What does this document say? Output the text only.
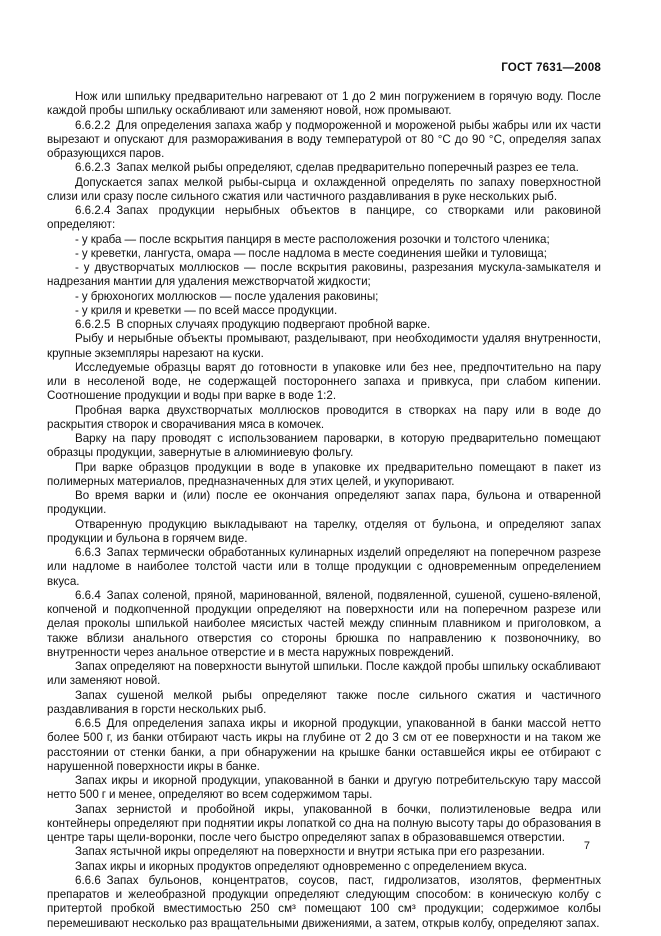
ГОСТ 7631—2008

Нож или шпильку предварительно нагревают от 1 до 2 мин погружением в горячую воду. После каждой пробы шпильку оскабливают или заменяют новой, нож промывают.

6.6.2.2 Для определения запаха жабр у подмороженной и мороженой рыбы жабры или их части вырезают и опускают для размораживания в воду температурой от 80 °С до 90 °С, определяя запах образующихся паров.

6.6.2.3 Запах мелкой рыбы определяют, сделав предварительно поперечный разрез ее тела.

Допускается запах мелкой рыбы-сырца и охлажденной определять по запаху поверхностной слизи или сразу после сильного сжатия или частичного раздавливания в руке нескольких рыб.

6.6.2.4 Запах продукции нерыбных объектов в панцире, со створками или раковиной определяют:

- у краба — после вскрытия панциря в месте расположения розочки и толстого членика;

- у креветки, лангуста, омара — после надлома в месте соединения шейки и туловища;

- у двустворчатых моллюсков — после вскрытия раковины, разрезания мускула-замыкателя и надрезания мантии для удаления межстворчатой жидкости;

- у брюхоногих моллюсков — после удаления раковины;

- у криля и креветки — по всей массе продукции.

6.6.2.5 В спорных случаях продукцию подвергают пробной варке.

Рыбу и нерыбные объекты промывают, разделывают, при необходимости удаляя внутренности, крупные экземпляры нарезают на куски.

Исследуемые образцы варят до готовности в упаковке или без нее, предпочтительно на пару или в несоленой воде, не содержащей постороннего запаха и привкуса, при слабом кипении. Соотношение продукции и воды при варке в воде 1:2.

Пробная варка двухстворчатых моллюсков проводится в створках на пару или в воде до раскрытия створок и сворачивания мяса в комочек.

Варку на пару проводят с использованием пароварки, в которую предварительно помещают образцы продукции, завернутые в алюминиевую фольгу.

При варке образцов продукции в воде в упаковке их предварительно помещают в пакет из полимерных материалов, предназначенных для этих целей, и укупоривают.

Во время варки и (или) после ее окончания определяют запах пара, бульона и отваренной продукции.

Отваренную продукцию выкладывают на тарелку, отделяя от бульона, и определяют запах продукции и бульона в горячем виде.

6.6.3 Запах термически обработанных кулинарных изделий определяют на поперечном разрезе или надломе в наиболее толстой части или в толще продукции с одновременным определением вкуса.

6.6.4 Запах соленой, пряной, маринованной, вяленой, подвяленной, сушеной, сушено-вяленой, копченой и подкопченной продукции определяют на поверхности или на поперечном разрезе или делая проколы шпилькой наиболее мясистых частей между спинным плавником и приголовком, а также вблизи анального отверстия со стороны брюшка по направлению к позвоночнику, во внутренности через анальное отверстие и в места наружных повреждений.

Запах определяют на поверхности вынутой шпильки. После каждой пробы шпильку оскабливают или заменяют новой.

Запах сушеной мелкой рыбы определяют также после сильного сжатия и частичного раздавливания в горсти нескольких рыб.

6.6.5 Для определения запаха икры и икорной продукции, упакованной в банки массой нетто более 500 г, из банки отбирают часть икры на глубине от 2 до 3 см от ее поверхности и на таком же расстоянии от стенки банки, а при обнаружении на крышке банки оставшейся икры ее отбирают с нарушенной поверхности икры в банке.

Запах икры и икорной продукции, упакованной в банки и другую потребительскую тару массой нетто 500 г и менее, определяют во всем содержимом тары.

Запах зернистой и пробойной икры, упакованной в бочки, полиэтиленовые ведра или контейнеры определяют при поднятии икры лопаткой со дна на полную высоту тары до образования в центре тары щели-воронки, после чего быстро определяют запах в образовавшемся отверстии.

Запах ястычной икры определяют на поверхности и внутри ястыка при его разрезании.

Запах икры и икорных продуктов определяют одновременно с определением вкуса.

6.6.6 Запах бульонов, концентратов, соусов, паст, гидролизатов, изолятов, ферментных препаратов и желеобразной продукции определяют следующим способом: в коническую колбу с притертой пробкой вместимостью 250 см³ помещают 100 см³ продукции; содержимое колбы перемешивают несколько раз вращательными движениями, а затем, открыв колбу, определяют запах.

7
